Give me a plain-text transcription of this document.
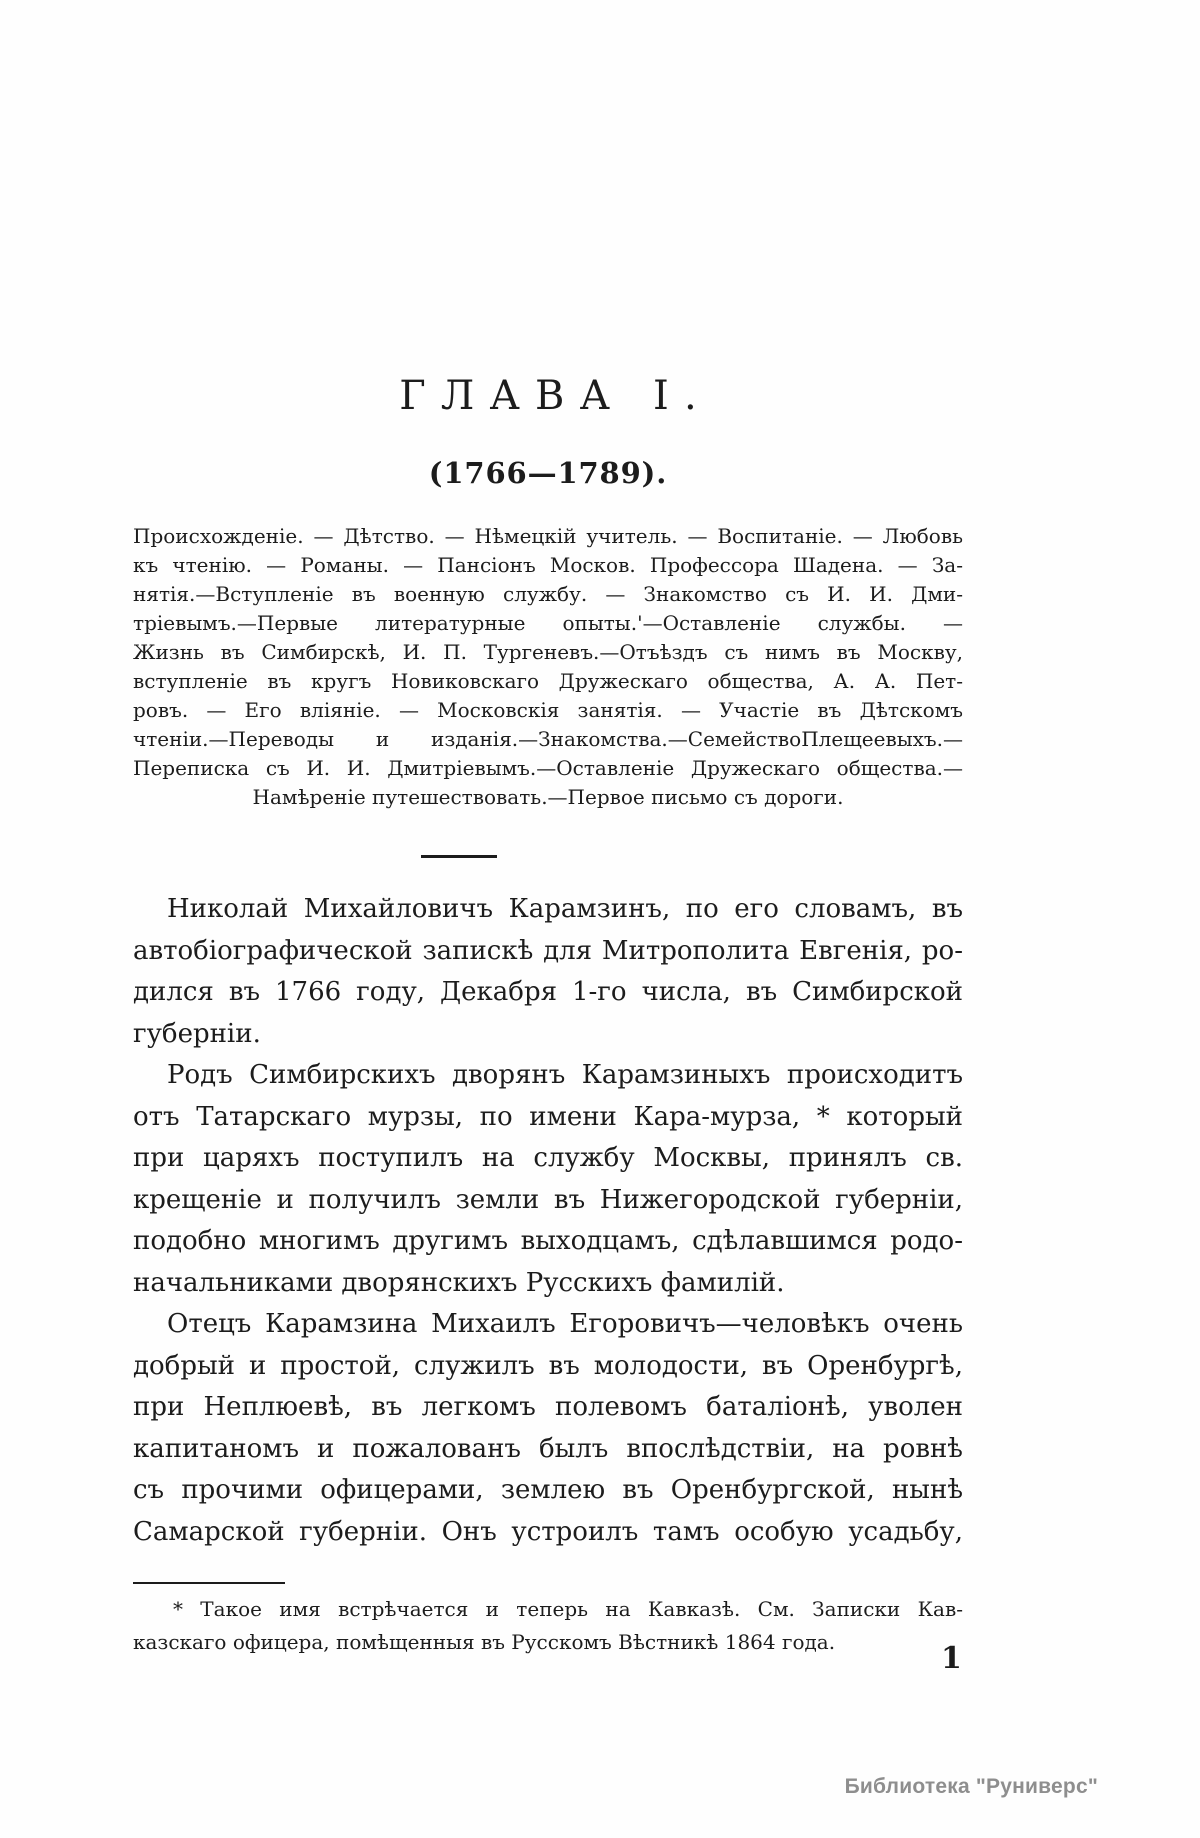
ГЛАВА I.
(1766—1789).
Происхожденіе. — Дѣтство. — Нѣмецкій учитель. — Воспитаніе. — Любовь
къ чтенію. — Романы. — Пансіонъ Москов. Профессора Шадена. — За-
нятія.—Вступленіе въ военную службу. — Знакомство съ И. И. Дми-
тріевымъ.—Первые литературные опыты.'—Оставленіе службы. —
Жизнь въ Симбирскѣ, И. П. Тургеневъ.—Отъѣздъ съ нимъ въ Москву,
вступленіе въ кругъ Новиковскаго Дружескаго общества, А. А. Пет-
ровъ. — Его вліяніе. — Московскія занятія. — Участіе въ Дѣтскомъ
чтеніи.—Переводы и изданія.—Знакомства.—СемействоПлещеевыхъ.—
Переписка съ И. И. Дмитріевымъ.—Оставленіе Дружескаго общества.—
Намѣреніе путешествовать.—Первое письмо съ дороги.
Николай Михайловичъ Карамзинъ, по его словамъ, въ
автобіографической запискѣ для Митрополита Евгенія, ро-
дился въ 1766 году, Декабря 1-го числа, въ Симбирской
губерніи.
Родъ Симбирскихъ дворянъ Карамзиныхъ происходитъ
отъ Татарскаго мурзы, по имени Кара-мурза, * который
при царяхъ поступилъ на службу Москвы, принялъ св.
крещеніе и получилъ земли въ Нижегородской губерніи,
подобно многимъ другимъ выходцамъ, сдѣлавшимся родо-
начальниками дворянскихъ Русскихъ фамилій.
Отецъ Карамзина Михаилъ Егоровичъ—человѣкъ очень
добрый и простой, служилъ въ молодости, въ Оренбургѣ,
при Неплюевѣ, въ легкомъ полевомъ баталіонѣ, уволен
капитаномъ и пожалованъ былъ впослѣдствіи, на ровнѣ
съ прочими офицерами, землею въ Оренбургской, нынѣ
Самарской губерніи. Онъ устроилъ тамъ особую усадьбу,
* Такое имя встрѣчается и теперь на Кавказѣ. См. Записки Кав-
казскаго офицера, помѣщенныя въ Русскомъ Вѣстникѣ 1864 года.	1
Библиотека "Руниверс"
